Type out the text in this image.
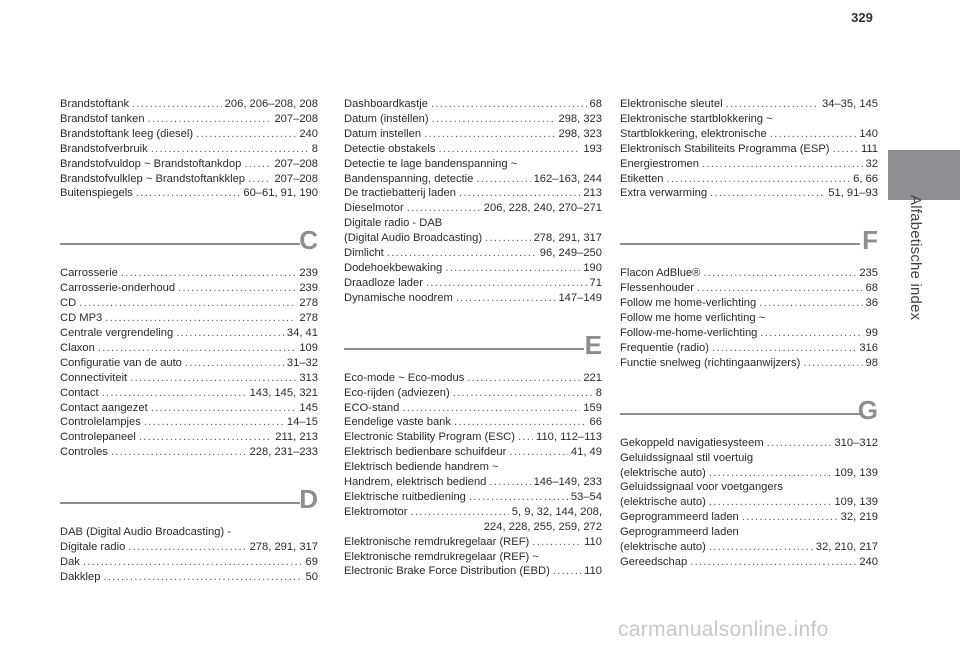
329
Alfabetische index
Brandstoftank .....	206, 206–208, 208
Brandstof tanken .....	207–208
Brandstoftank leeg (diesel) .....	240
Brandstofverbruik .....	8
Brandstofvuldop ~ Brandstoftankdop .....	207–208
Brandstofvulklep ~ Brandstoftankklep .....	207–208
Buitenspiegels .....	60–61, 91, 190
C
Carrosserie .....	239
Carrosserie-onderhoud .....	239
CD .....	278
CD MP3 .....	278
Centrale vergrendeling .....	34, 41
Claxon .....	109
Configuratie van de auto .....	31–32
Connectiviteit .....	313
Contact .....	143, 145, 321
Contact aangezet .....	145
Controlelampjes .....	14–15
Controlepaneel .....	211, 213
Controles .....	228, 231–233
D
DAB (Digital Audio Broadcasting) -
Digitale radio .....	278, 291, 317
Dak .....	69
Dakklep .....	50
Dashboardkastje .....	68
Datum (instellen) .....	298, 323
Datum instellen .....	298, 323
Detectie obstakels .....	193
Detectie te lage bandenspanning ~
Bandenspanning, detectie .....	162–163, 244
De tractiebatterij laden .....	213
Dieselmotor .....	206, 228, 240, 270–271
Digitale radio - DAB
(Digital Audio Broadcasting) .....	278, 291, 317
Dimlicht .....	96, 249–250
Dodehoekbewaking .....	190
Draadloze lader .....	71
Dynamische noodrem .....	147–149
E
Eco-mode ~ Eco-modus .....	221
Eco-rijden (adviezen) .....	8
ECO-stand .....	159
Eendelige vaste bank .....	66
Electronic Stability Program (ESC) ..... 110, 112–113
Elektrisch bedienbare schuifdeur .....	41, 49
Elektrisch bediende handrem ~
Handrem, elektrisch bediend .....	146–149, 233
Elektrische ruitbediening .....	53–54
Elektromotor .....	5, 9, 32, 144, 208,
224, 228, 255, 259, 272
Elektronische remdrukregelaar (REF) .....	110
Elektronische remdrukregelaar (REF) ~
Electronic Brake Force Distribution (EBD) .....	110
Elektronische sleutel .....	34–35, 145
Elektronische startblokkering ~
Startblokkering, elektronische .....	140
Elektronisch Stabiliteits Programma (ESP) .....	111
Energiestromen .....	32
Etiketten .....	6, 66
Extra verwarming .....	51, 91–93
F
Flacon AdBlue® .....	235
Flessenhouder .....	68
Follow me home-verlichting .....	36
Follow me home verlichting ~
Follow-me-home-verlichting .....	99
Frequentie (radio) .....	316
Functie snelweg (richtingaanwijzers) .....	98
G
Gekoppeld navigatiesysteem .....	310–312
Geluidssignaal stil voertuig
(elektrische auto) .....	109, 139
Geluidssignaal voor voetgangers
(elektrische auto) .....	109, 139
Geprogrammeerd laden .....	32, 219
Geprogrammeerd laden
(elektrische auto) .....	32, 210, 217
Gereedschap .....	240
carmanualsonline.info
